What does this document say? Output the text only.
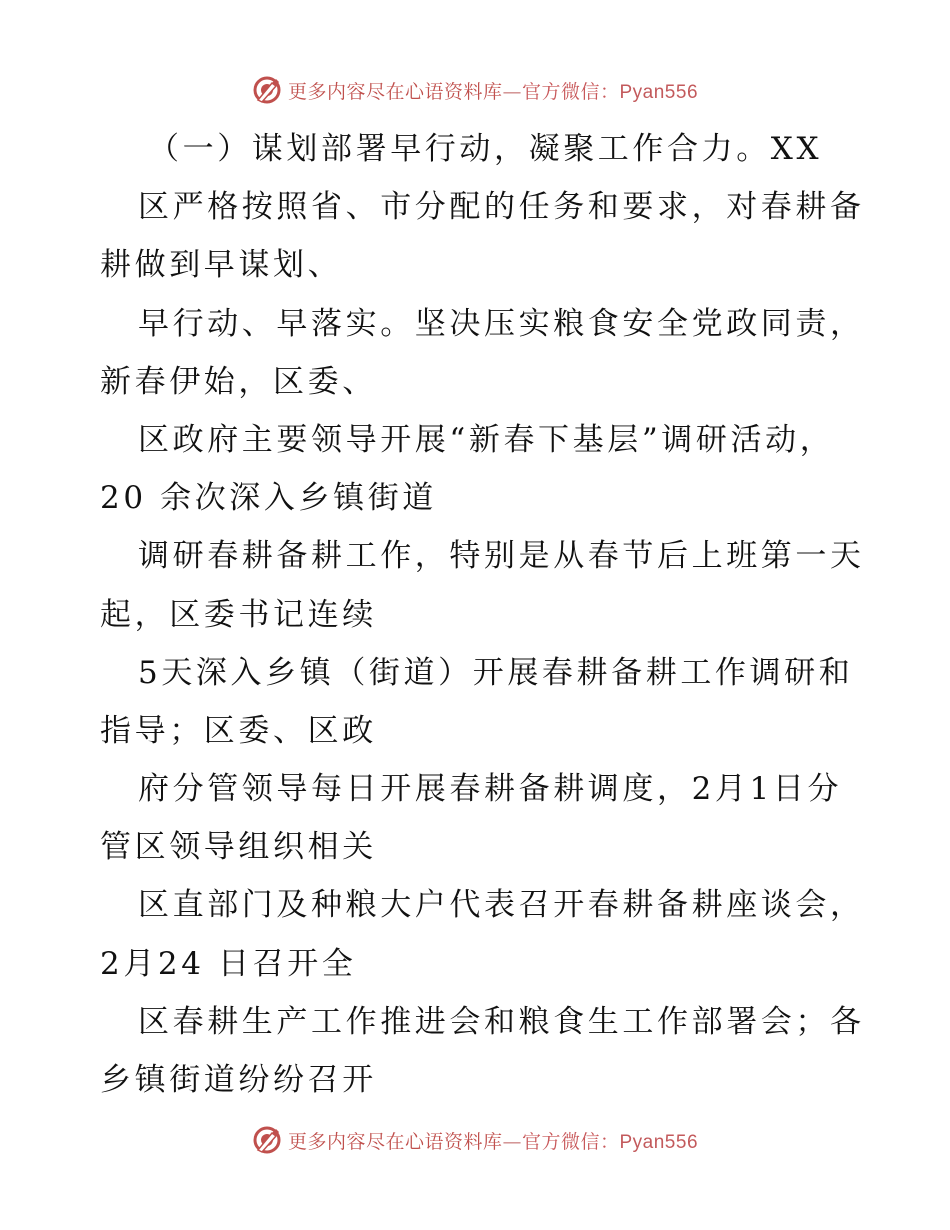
更多内容尽在心语资料库—官方微信：Pyan556
（一）谋划部署早行动，凝聚工作合力。XX
区严格按照省、市分配的任务和要求，对春耕备
耕做到早谋划、
早行动、早落实。坚决压实粮食安全党政同责，
新春伊始，区委、
区政府主要领导开展“新春下基层”调研活动，
20 余次深入乡镇街道
调研春耕备耕工作，特别是从春节后上班第一天
起，区委书记连续
5天深入乡镇（街道）开展春耕备耕工作调研和
指导；区委、区政
府分管领导每日开展春耕备耕调度，2月1日分
管区领导组织相关
区直部门及种粮大户代表召开春耕备耕座谈会，
2月24 日召开全
区春耕生产工作推进会和粮食生工作部署会；各
乡镇街道纷纷召开
更多内容尽在心语资料库—官方微信：Pyan556
